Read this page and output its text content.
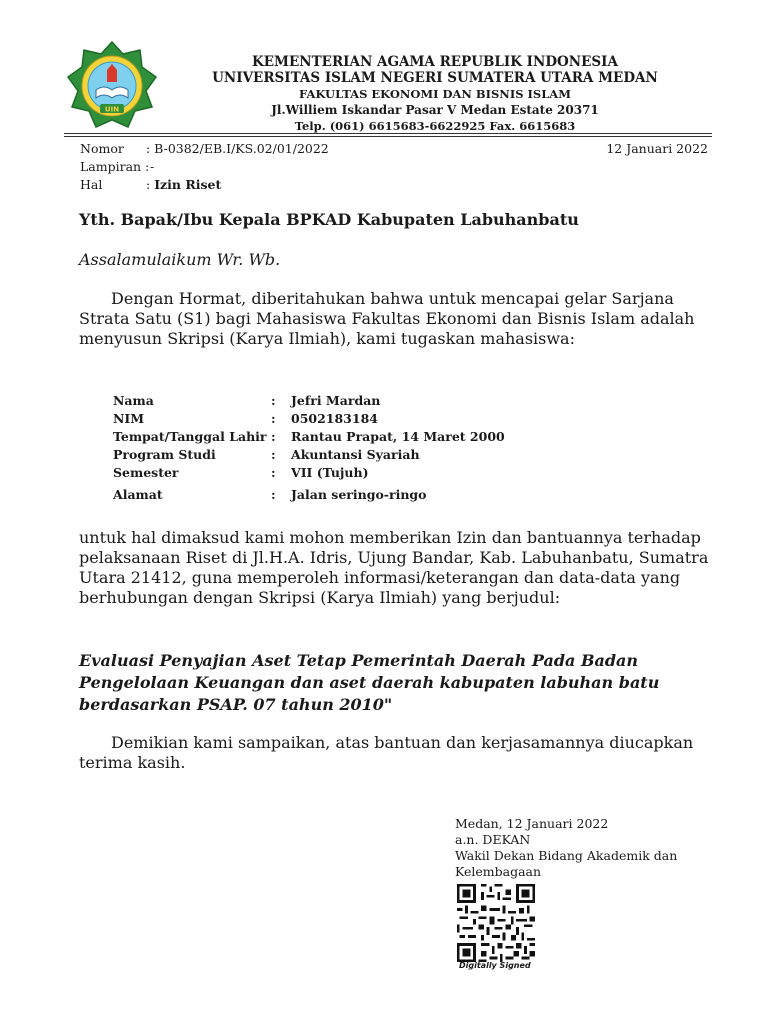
UIN
KEMENTERIAN AGAMA REPUBLIK INDONESIA
UNIVERSITAS ISLAM NEGERI SUMATERA UTARA MEDAN
FAKULTAS EKONOMI DAN BISNIS ISLAM
Jl.Williem Iskandar Pasar V Medan Estate 20371
Telp. (061) 6615683-6622925 Fax. 6615683
Nomor : B-0382/EB.I/KS.02/01/2022
Lampiran : -
Hal	: Izin Riset
12 Januari 2022
Yth. Bapak/Ibu Kepala BPKAD Kabupaten Labuhanbatu
Assalamulaikum Wr. Wb.
Dengan Hormat, diberitahukan bahwa untuk mencapai gelar Sarjana Strata Satu (S1) bagi Mahasiswa Fakultas Ekonomi dan Bisnis Islam adalah menyusun Skripsi (Karya Ilmiah), kami tugaskan mahasiswa:
Nama	: Jefri Mardan
NIM	: 0502183184
Tempat/Tanggal Lahir : Rantau Prapat, 14 Maret 2000
Program Studi	: Akuntansi Syariah
Semester	: VII (Tujuh)
Alamat	: Jalan seringo-ringo
untuk hal dimaksud kami mohon memberikan Izin dan bantuannya terhadap pelaksanaan Riset di Jl.H.A. Idris, Ujung Bandar, Kab. Labuhanbatu, Sumatra Utara 21412, guna memperoleh informasi/keterangan dan data-data yang berhubungan dengan Skripsi (Karya Ilmiah) yang berjudul:
Evaluasi Penyajian Aset Tetap Pemerintah Daerah Pada Badan Pengelolaan Keuangan dan aset daerah kabupaten labuhan batu berdasarkan PSAP. 07 tahun 2010"
Demikian kami sampaikan, atas bantuan dan kerjasamannya diucapkan terima kasih.
Medan, 12 Januari 2022
a.n. DEKAN
Wakil Dekan Bidang Akademik dan Kelembagaan
Digitally Signed
